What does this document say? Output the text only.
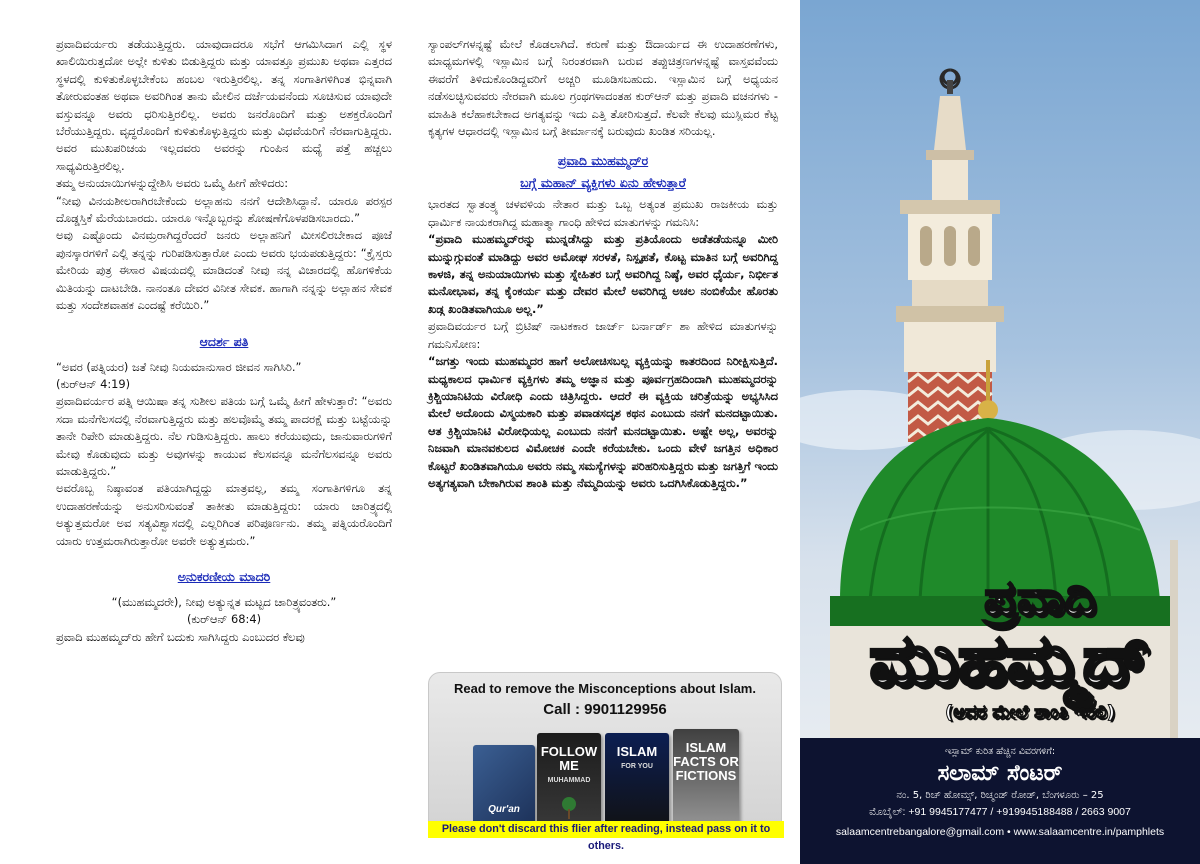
ಪ್ರವಾದಿವರ್ಯರು ತಡೆಯುತ್ತಿದ್ದರು. ಯಾವುದಾದರೂ ಸಭೆಗೆ ಆಗಮಿಸಿದಾಗ ಎಲ್ಲಿ ಸ್ಥಳ ಖಾಲಿಯಿರುತ್ತದೋ ಅಲ್ಲೇ ಕುಳಿತು ಬಿಡುತ್ತಿದ್ದರು ಮತ್ತು ಯಾವತ್ತೂ ಪ್ರಮುಖ ಅಥವಾ ಎತ್ತರದ ಸ್ಥಳದಲ್ಲಿ ಕುಳಿತುಕೊಳ್ಳಬೇಕೆಂಬ ಹಂಬಲ ಇರುತ್ತಿರಲಿಲ್ಲ. ತನ್ನ ಸಂಗಾತಿಗಳಿಗಿಂತ ಭಿನ್ನವಾಗಿ ತೋರುವಂತಹ ಅಥವಾ ಅವರಿಗಿಂತ ತಾನು ಮೇಲಿನ ದರ್ಜೆಯವನೆಂದು ಸೂಚಿಸುವ ಯಾವುದೇ ವಸ್ತುವನ್ನೂ ಅವರು ಧರಿಸುತ್ತಿರಲಿಲ್ಲ. ಅವರು ಜನರೊಂದಿಗೆ ಮತ್ತು ಅಶಕ್ತರೊಂದಿಗೆ ಬೆರೆಯುತ್ತಿದ್ದರು. ವೃದ್ಧರೊಂದಿಗೆ ಕುಳಿತುಕೊಳ್ಳುತ್ತಿದ್ದರು ಮತ್ತು ವಿಧವೆಯರಿಗೆ ನೆರವಾಗುತ್ತಿದ್ದರು. ಅವರ ಮುಖಪರಿಚಯ ಇಲ್ಲದವರು ಅವರನ್ನು ಗುಂಪಿನ ಮಧ್ಯೆ ಪತ್ತೆ ಹಚ್ಚಲು ಸಾಧ್ಯವಿರುತ್ತಿರಲಿಲ್ಲ.

ತಮ್ಮ ಅನುಯಾಯಿಗಳನ್ನುದ್ದೇಶಿಸಿ ಅವರು ಒಮ್ಮೆ ಹೀಗೆ ಹೇಳಿದರು:

“ನೀವು ವಿನಯಶೀಲರಾಗಿರಬೇಕೆಂದು ಅಲ್ಲಾಹನು ನನಗೆ ಆದೇಶಿಸಿದ್ದಾನೆ. ಯಾರೂ ಪರಸ್ಪರ ದೊಡ್ಡಸ್ತಿಕೆ ಮೆರೆಯಬಾರದು. ಯಾರೂ ಇನ್ನೊಬ್ಬರನ್ನು ಶೋಷಣೆಗೊಳಪಡಿಸಬಾರದು.”

ಅವು ಎಷ್ಟೊಂದು ವಿನಮ್ರರಾಗಿದ್ದರೆಂದರೆ ಜನರು ಅಲ್ಲಾಹನಿಗೆ ಮೀಸಲಿರಬೇಕಾದ ಪೂಜೆ ಪುನಸ್ಕಾರಗಳಿಗೆ ಎಲ್ಲಿ ತನ್ನನ್ನು ಗುರಿಪಡಿಸುತ್ತಾರೋ ಎಂದು ಅವರು ಭಯಪಡುತ್ತಿದ್ದರು: “ಕ್ರೈಸ್ತರು ಮೇರಿಯ ಪುತ್ರ ಈಸಾರ ವಿಷಯದಲ್ಲಿ ಮಾಡಿದಂತೆ ನೀವು ನನ್ನ ವಿಚಾರದಲ್ಲಿ ಹೊಗಳಿಕೆಯ ಮಿತಿಯನ್ನು ದಾಟಬೇಡಿ. ನಾನಂತೂ ದೇವರ ವಿನೀತ ಸೇವಕ. ಹಾಗಾಗಿ ನನ್ನನ್ನು ಅಲ್ಲಾಹನ ಸೇವಕ ಮತ್ತು ಸಂದೇಶವಾಹಕ ಎಂದಷ್ಟೆ ಕರೆಯಿರಿ.”

ಆದರ್ಶ ಪತಿ

“ಅವರ (ಪತ್ನಿಯರ) ಜತೆ ನೀವು ನಿಯಮಾನುಸಾರ ಜೀವನ ಸಾಗಿಸಿರಿ.”

(ಕುರ್‌ಆನ್ 4:19)

ಪ್ರವಾದಿವರ್ಯರ ಪತ್ನಿ ಆಯಿಷಾ ತನ್ನ ಸುಶೀಲ ಪತಿಯ ಬಗ್ಗೆ ಒಮ್ಮೆ ಹೀಗೆ ಹೇಳುತ್ತಾರೆ: “ಅವರು ಸದಾ ಮನೆಗೆಲಸದಲ್ಲಿ ನೆರವಾಗುತ್ತಿದ್ದರು ಮತ್ತು ಹಲವೊಮ್ಮೆ ತಮ್ಮ ಪಾದರಕ್ಷೆ ಮತ್ತು ಬಟ್ಟೆಯನ್ನು ತಾನೇ ರಿಪೇರಿ ಮಾಡುತ್ತಿದ್ದರು. ನೆಲ ಗುಡಿಸುತ್ತಿದ್ದರು. ಹಾಲು ಕರೆಯುವುದು, ಜಾನುವಾರುಗಳಿಗೆ ಮೇವು ಕೊಡುವುದು ಮತ್ತು ಅವುಗಳನ್ನು ಕಾಯುವ ಕೆಲಸವನ್ನೂ ಮನೆಗೆಲಸವನ್ನೂ ಅವರು ಮಾಡುತ್ತಿದ್ದರು.”

ಅವರೊಬ್ಬ ನಿಷ್ಠಾವಂತ ಪತಿಯಾಗಿದ್ದದ್ದು ಮಾತ್ರವಲ್ಲ, ತಮ್ಮ ಸಂಗಾತಿಗಳಿಗೂ ತನ್ನ ಉದಾಹರಣೆಯನ್ನು ಅನುಸರಿಸುವಂತೆ ತಾಕೀತು ಮಾಡುತ್ತಿದ್ದರು: ಯಾರು ಚಾರಿತ್ರ್ಯದಲ್ಲಿ ಅತ್ಯುತ್ತಮರೋ ಅವ ಸತ್ಯವಿಶ್ವಾಸದಲ್ಲಿ ಎಲ್ಲರಿಗಿಂತ ಪರಿಪೂರ್ಣನು. ತಮ್ಮ ಪತ್ನಿಯರೊಂದಿಗೆ ಯಾರು ಉತ್ತಮರಾಗಿರುತ್ತಾರೋ ಅವರೇ ಅತ್ಯುತ್ತಮರು.”

ಅನುಕರಣೀಯ ಮಾದರಿ

“(ಮುಹಮ್ಮದರೇ), ನೀವು ಅತ್ಯುನ್ನತ ಮಟ್ಟದ ಚಾರಿತ್ರ್ಯವಂತರು.”

(ಕುರ್‌ಆನ್ 68:4)

ಪ್ರವಾದಿ ಮುಹಮ್ಮದ್‌ರು ಹೇಗೆ ಬದುಕು ಸಾಗಿಸಿದ್ದರು ಎಂಬುದರ ಕೆಲವು

ಸ್ಯಾಂಪಲ್‌ಗಳನ್ನಷ್ಟೆ ಮೇಲೆ ಕೊಡಲಾಗಿದೆ. ಕರುಣೆ ಮತ್ತು ಔದಾರ್ಯದ ಈ ಉದಾಹರಣೆಗಳು, ಮಾಧ್ಯಮಗಳಲ್ಲಿ ಇಸ್ಲಾಮಿನ ಬಗ್ಗೆ ನಿರಂತರವಾಗಿ ಬರುವ ತಪ್ಪುಚಿತ್ರಣಗಳನ್ನಷ್ಟೆ ವಾಸ್ತವವೆಂದು ಈವರೆಗೆ ತಿಳಿದುಕೊಂಡಿದ್ದವರಿಗೆ ಅಚ್ಚರಿ ಮೂಡಿಸಬಹುದು. ಇಸ್ಲಾಮಿನ ಬಗ್ಗೆ ಅಧ್ಯಯನ ನಡೆಸಲಚ್ಛಿಸುವವರು ನೇರವಾಗಿ ಮೂಲ ಗ್ರಂಥಗಳಾದಂತಹ ಕುರ್‌ಆನ್ ಮತ್ತು ಪ್ರವಾದಿ ವಚನಗಳು - ಮಾಹಿತಿ ಕಲೆಹಾಕಬೇಕಾದ ಅಗತ್ಯವನ್ನು ಇದು ಎತ್ತಿ ತೋರಿಸುತ್ತದೆ. ಕೆಲವೇ ಕೆಲವು ಮುಸ್ಲಿಮರ ಕೆಟ್ಟ ಕೃತ್ಯಗಳ ಆಧಾರದಲ್ಲಿ ಇಸ್ಲಾಮಿನ ಬಗ್ಗೆ ತೀರ್ಮಾನಕ್ಕೆ ಬರುವುದು ಖಂಡಿತ ಸರಿಯಲ್ಲ.

ಪ್ರವಾದಿ ಮುಹಮ್ಮದ್‌ರ
ಬಗ್ಗೆ ಮಹಾನ್ ವ್ಯಕ್ತಿಗಳು ಏನು ಹೇಳುತ್ತಾರೆ

ಭಾರತದ ಸ್ವಾತಂತ್ರ್ಯ ಚಳವಳಿಯ ನೇತಾರ ಮತ್ತು ಒಬ್ಬ ಅತ್ಯಂತ ಪ್ರಮುಖ ರಾಜಕೀಯ ಮತ್ತು ಧಾರ್ಮಿಕ ನಾಯಕರಾಗಿದ್ದ ಮಹಾತ್ಮಾ ಗಾಂಧಿ ಹೇಳಿದ ಮಾತುಗಳನ್ನು ಗಮನಿಸಿ:

“ಪ್ರವಾದಿ ಮುಹಮ್ಮದ್‌ರನ್ನು ಮುನ್ನಡೆಸಿದ್ದು ಮತ್ತು ಪ್ರತಿಯೊಂದು ಅಡೆತಡೆಯನ್ನೂ ಮೀರಿ ಮುನ್ನುಗ್ಗುವಂತೆ ಮಾಡಿದ್ದು ಅವರ ಅಮೋಘ ಸರಳತೆ, ನಿಸ್ಪೃಹತೆ, ಕೊಟ್ಟ ಮಾತಿನ ಬಗ್ಗೆ ಅವರಿಗಿದ್ದ ಕಾಳಜಿ, ತನ್ನ ಅನುಯಾಯಿಗಳು ಮತ್ತು ಸ್ನೇಹಿತರ ಬಗ್ಗೆ ಅವರಿಗಿದ್ದ ನಿಷ್ಠೆ, ಅವರ ಧೈರ್ಯ, ನಿರ್ಭೀತ ಮನೋಭಾವ, ತನ್ನ ಕೈಂಕರ್ಯ ಮತ್ತು ದೇವರ ಮೇಲೆ ಅವರಿಗಿದ್ದ ಅಚಲ ನಂಬಿಕೆಯೇ ಹೊರತು ಖಡ್ಗ ಖಂಡಿತವಾಗಿಯೂ ಅಲ್ಲ.”

ಪ್ರವಾದಿವರ್ಯರ ಬಗ್ಗೆ ಬ್ರಿಟಿಷ್ ನಾಟಕಕಾರ ಜಾರ್ಜ್ ಬರ್ನಾರ್ಡ್ ಶಾ ಹೇಳಿದ ಮಾತುಗಳನ್ನು ಗಮನಿಸೋಣ:

“ಜಗತ್ತು ಇಂದು ಮುಹಮ್ಮದರ ಹಾಗೆ ಅಲೋಚಿಸಬಲ್ಲ ವ್ಯಕ್ತಿಯನ್ನು ಕಾತರದಿಂದ ನಿರೀಕ್ಷಿಸುತ್ತಿದೆ. ಮಧ್ಯಕಾಲದ ಧಾರ್ಮಿಕ ವ್ಯಕ್ತಿಗಳು ತಮ್ಮ ಅಜ್ಞಾನ ಮತ್ತು ಪೂರ್ವಗ್ರಹದಿಂದಾಗಿ ಮುಹಮ್ಮದರನ್ನು ಕ್ರಿಶ್ಚಿಯಾನಿಟಿಯ ವಿರೋಧಿ ಎಂದು ಚಿತ್ರಿಸಿದ್ದರು. ಆದರೆ ಈ ವ್ಯಕ್ತಿಯ ಚರಿತ್ರೆಯನ್ನು ಅಭ್ಯಸಿಸಿದ ಮೇಲೆ ಅದೊಂದು ವಿಸ್ಮಯಕಾರಿ ಮತ್ತು ಪವಾಡಸದೃಶ ಕಥನ ಎಂಬುದು ನನಗೆ ಮನದಟ್ಟಾಯಿತು. ಆತ ಕ್ರಿಶ್ಚಿಯಾನಿಟಿ ವಿರೋಧಿಯಲ್ಲ ಎಂಬುದು ನನಗೆ ಮನದಟ್ಟಾಯಿತು. ಅಷ್ಟೇ ಅಲ್ಲ, ಅವರನ್ನು ನಿಜವಾಗಿ ಮಾನವಕುಲದ ವಿಮೋಚಕ ಎಂದೇ ಕರೆಯಬೇಕು. ಒಂದು ವೇಳೆ ಜಗತ್ತಿನ ಅಧಿಕಾರ ಕೊಟ್ಟರೆ ಖಂಡಿತವಾಗಿಯೂ ಅವರು ನಮ್ಮ ಸಮಸ್ಯೆಗಳನ್ನು ಪರಿಹರಿಸುತ್ತಿದ್ದರು ಮತ್ತು ಜಗತ್ತಿಗೆ ಇಂದು ಅತ್ಯಗತ್ಯವಾಗಿ ಬೇಕಾಗಿರುವ ಶಾಂತಿ ಮತ್ತು ನೆಮ್ಮದಿಯನ್ನು ಅವರು ಒದಗಿಸಿಕೊಡುತ್ತಿದ್ದರು.”

Read to remove the Misconceptions about Islam.
Call : 9901129956
Qur'an
FOLLOW ME
MUHAMMAD
ISLAM
FOR YOU
ISLAM FACTS OR FICTIONS
Please don't discard this flier after reading, instead pass on it to others.
ಪ್ರವಾದಿ
ಮುಹಮ್ಮದ್
(ಅವರ ಮೇಲೆ ಶಾಂತಿ ಇರಲಿ)
ಇಸ್ಲಾಮ್ ಕುರಿತ ಹೆಚ್ಚಿನ ವಿವರಗಳಿಗೆ:
ಸಲಾಮ್ ಸೆಂಟರ್
ನಂ. 5, ರಿಚ್ ಹೋಮ್ಸ್, ರಿಚ್ಮಂಡ್ ರೋಡ್, ಬೆಂಗಳೂರು – 25
ಮೊಬೈಲ್: +91 9945177477 / +919945188488 / 2663 9007
salaamcentrebangalore@gmail.com • www.salaamcentre.in/pamphlets
